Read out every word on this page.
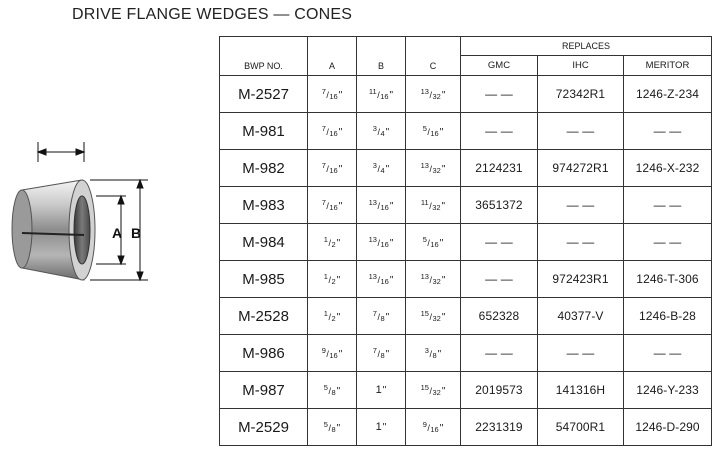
DRIVE FLANGE WEDGES — CONES
A B
BWP NO.	A	B	C	REPLACES		
				GMC	IHC	MERITOR
M-2527	$^7/_{16}$"	$^{11}/_{16}$"	$^{13}/_{32}$"	— —	72342R1	1246-Z-234
M-981	$^7/_{16}$"	$^3/_4$"	$^5/_{16}$"	— —	— —	— —
M-982	$^7/_{16}$"	$^3/_4$"	$^{13}/_{32}$"	2124231	974272R1	1246-X-232
M-983	$^7/_{16}$"	$^{13}/_{16}$"	$^{11}/_{32}$"	3651372	— —	— —
M-984	$^1/_2$"	$^{13}/_{16}$"	$^5/_{16}$"	— —	— —	— —
M-985	$^1/_2$"	$^{13}/_{16}$"	$^{13}/_{32}$"	— —	972423R1	1246-T-306
M-2528	$^1/_2$"	$^7/_8$"	$^{15}/_{32}$"	652328	40377-V	1246-B-28
M-986	$^9/_{16}$"	$^7/_8$"	$^3/_8$"	— —	— —	— —
M-987	$^5/_8$"	1"	$^{15}/_{32}$"	2019573	141316H	1246-Y-233
M-2529	$^5/_8$"	1"	$^9/_{16}$"	2231319	54700R1	1246-D-290
